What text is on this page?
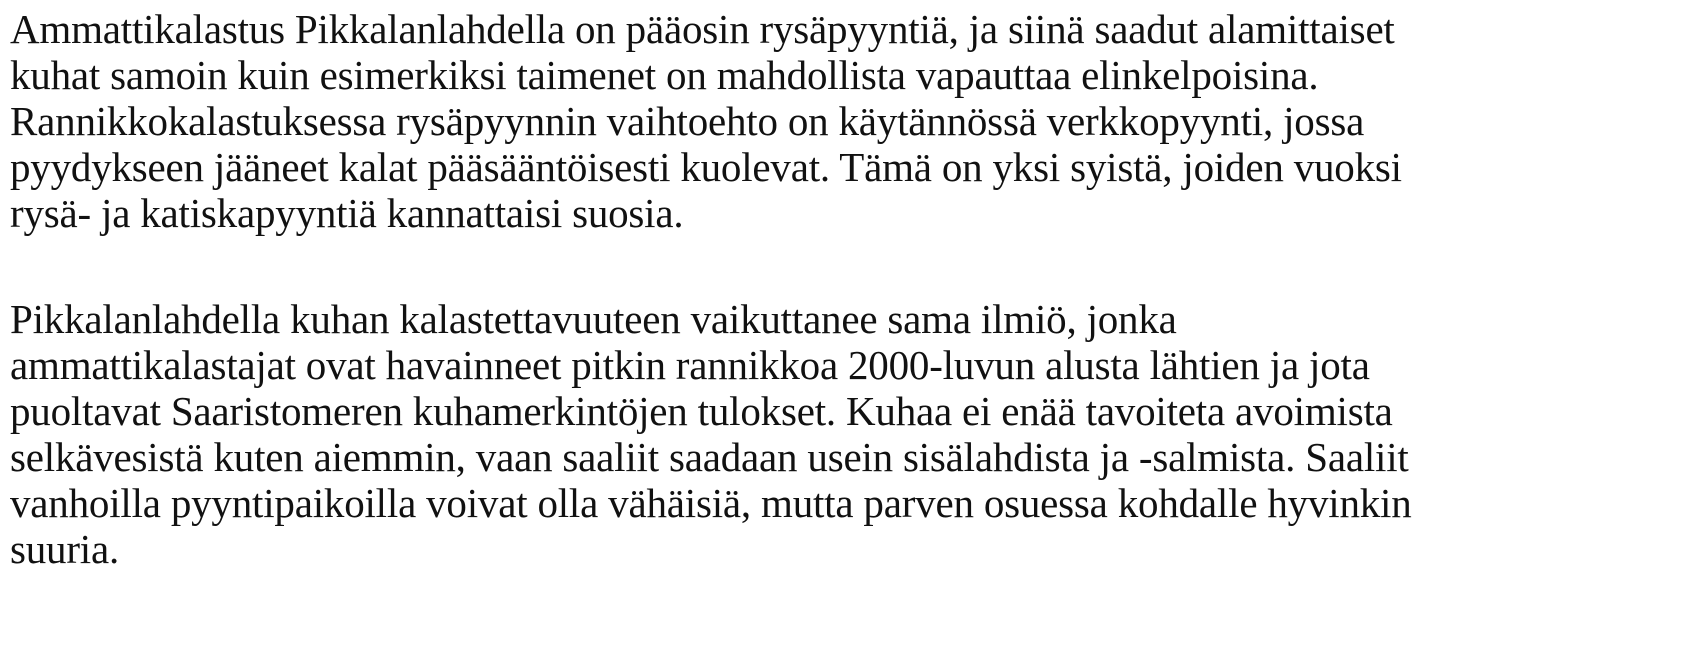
Ammattikalastus Pikkalanlahdella on pääosin rysäpyyntiä, ja siinä saadut alamittaiset
kuhat samoin kuin esimerkiksi taimenet on mahdollista vapauttaa elinkelpoisina.
Rannikkokalastuksessa rysäpyynnin vaihtoehto on käytännössä verkkopyynti, jossa
pyydykseen jääneet kalat pääsääntöisesti kuolevat. Tämä on yksi syistä, joiden vuoksi
rysä- ja katiskapyyntiä kannattaisi suosia.

Pikkalanlahdella kuhan kalastettavuuteen vaikuttanee sama ilmiö, jonka
ammattikalastajat ovat havainneet pitkin rannikkoa 2000-luvun alusta lähtien ja jota
puoltavat Saaristomeren kuhamerkintöjen tulokset. Kuhaa ei enää tavoiteta avoimista
selkävesistä kuten aiemmin, vaan saaliit saadaan usein sisälahdista ja -salmista. Saaliit
vanhoilla pyyntipaikoilla voivat olla vähäisiä, mutta parven osuessa kohdalle hyvinkin
suuria.
